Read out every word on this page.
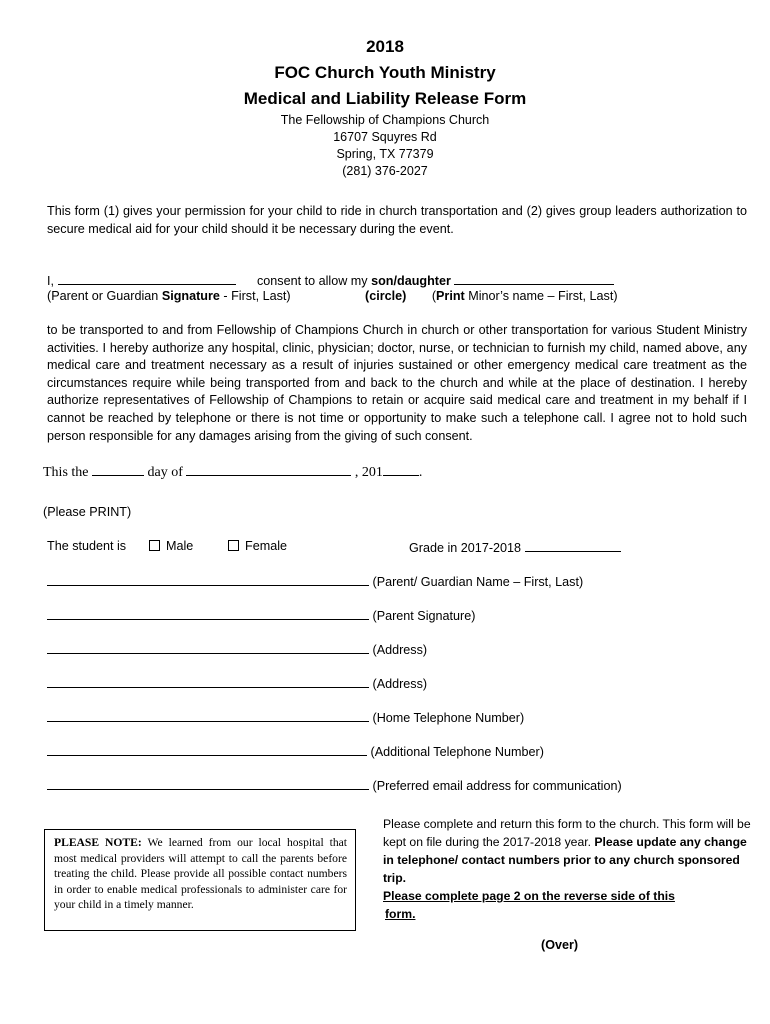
2018
FOC Church Youth Ministry
Medical and Liability Release Form
The Fellowship of Champions Church
16707 Squyres Rd
Spring, TX 77379
(281) 376-2027
This form (1) gives your permission for your child to ride in church transportation and (2) gives group leaders authorization to secure medical aid for your child should it be necessary during the event.
I,	consent to allow my son/daughter
(Parent or Guardian Signature - First, Last)	(circle) (Print Minor’s name – First, Last)
to be transported to and from Fellowship of Champions Church in church or other transportation for various Student Ministry activities. I hereby authorize any hospital, clinic, physician; doctor, nurse, or technician to furnish my child, named above, any medical care and treatment necessary as a result of injuries sustained or other emergency medical care treatment as the circumstances require while being transported from and back to the church and while at the place of destination. I hereby authorize representatives of Fellowship of Champions to retain or acquire said medical care and treatment in my behalf if I cannot be reached by telephone or there is not time or opportunity to make such a telephone call. I agree not to hold such person responsible for any damages arising from the giving of such consent.
This the	day of	, 201	.
(Please PRINT)
The student is	Male	Female	Grade in 2017-2018
(Parent/ Guardian Name – First, Last)
(Parent Signature)
(Address)
(Address)
(Home Telephone Number)
(Additional Telephone Number)
(Preferred email address for communication)
PLEASE NOTE: We learned from our local hospital that most medical providers will attempt to call the parents before treating the child. Please provide all possible contact numbers in order to enable medical professionals to administer care for your child in a timely manner.
Please complete and return this form to the church. This form will be kept on file during the 2017-2018 year. Please update any change in telephone/ contact numbers prior to any church sponsored trip.
Please complete page 2 on the reverse side of this
form.
(Over)
